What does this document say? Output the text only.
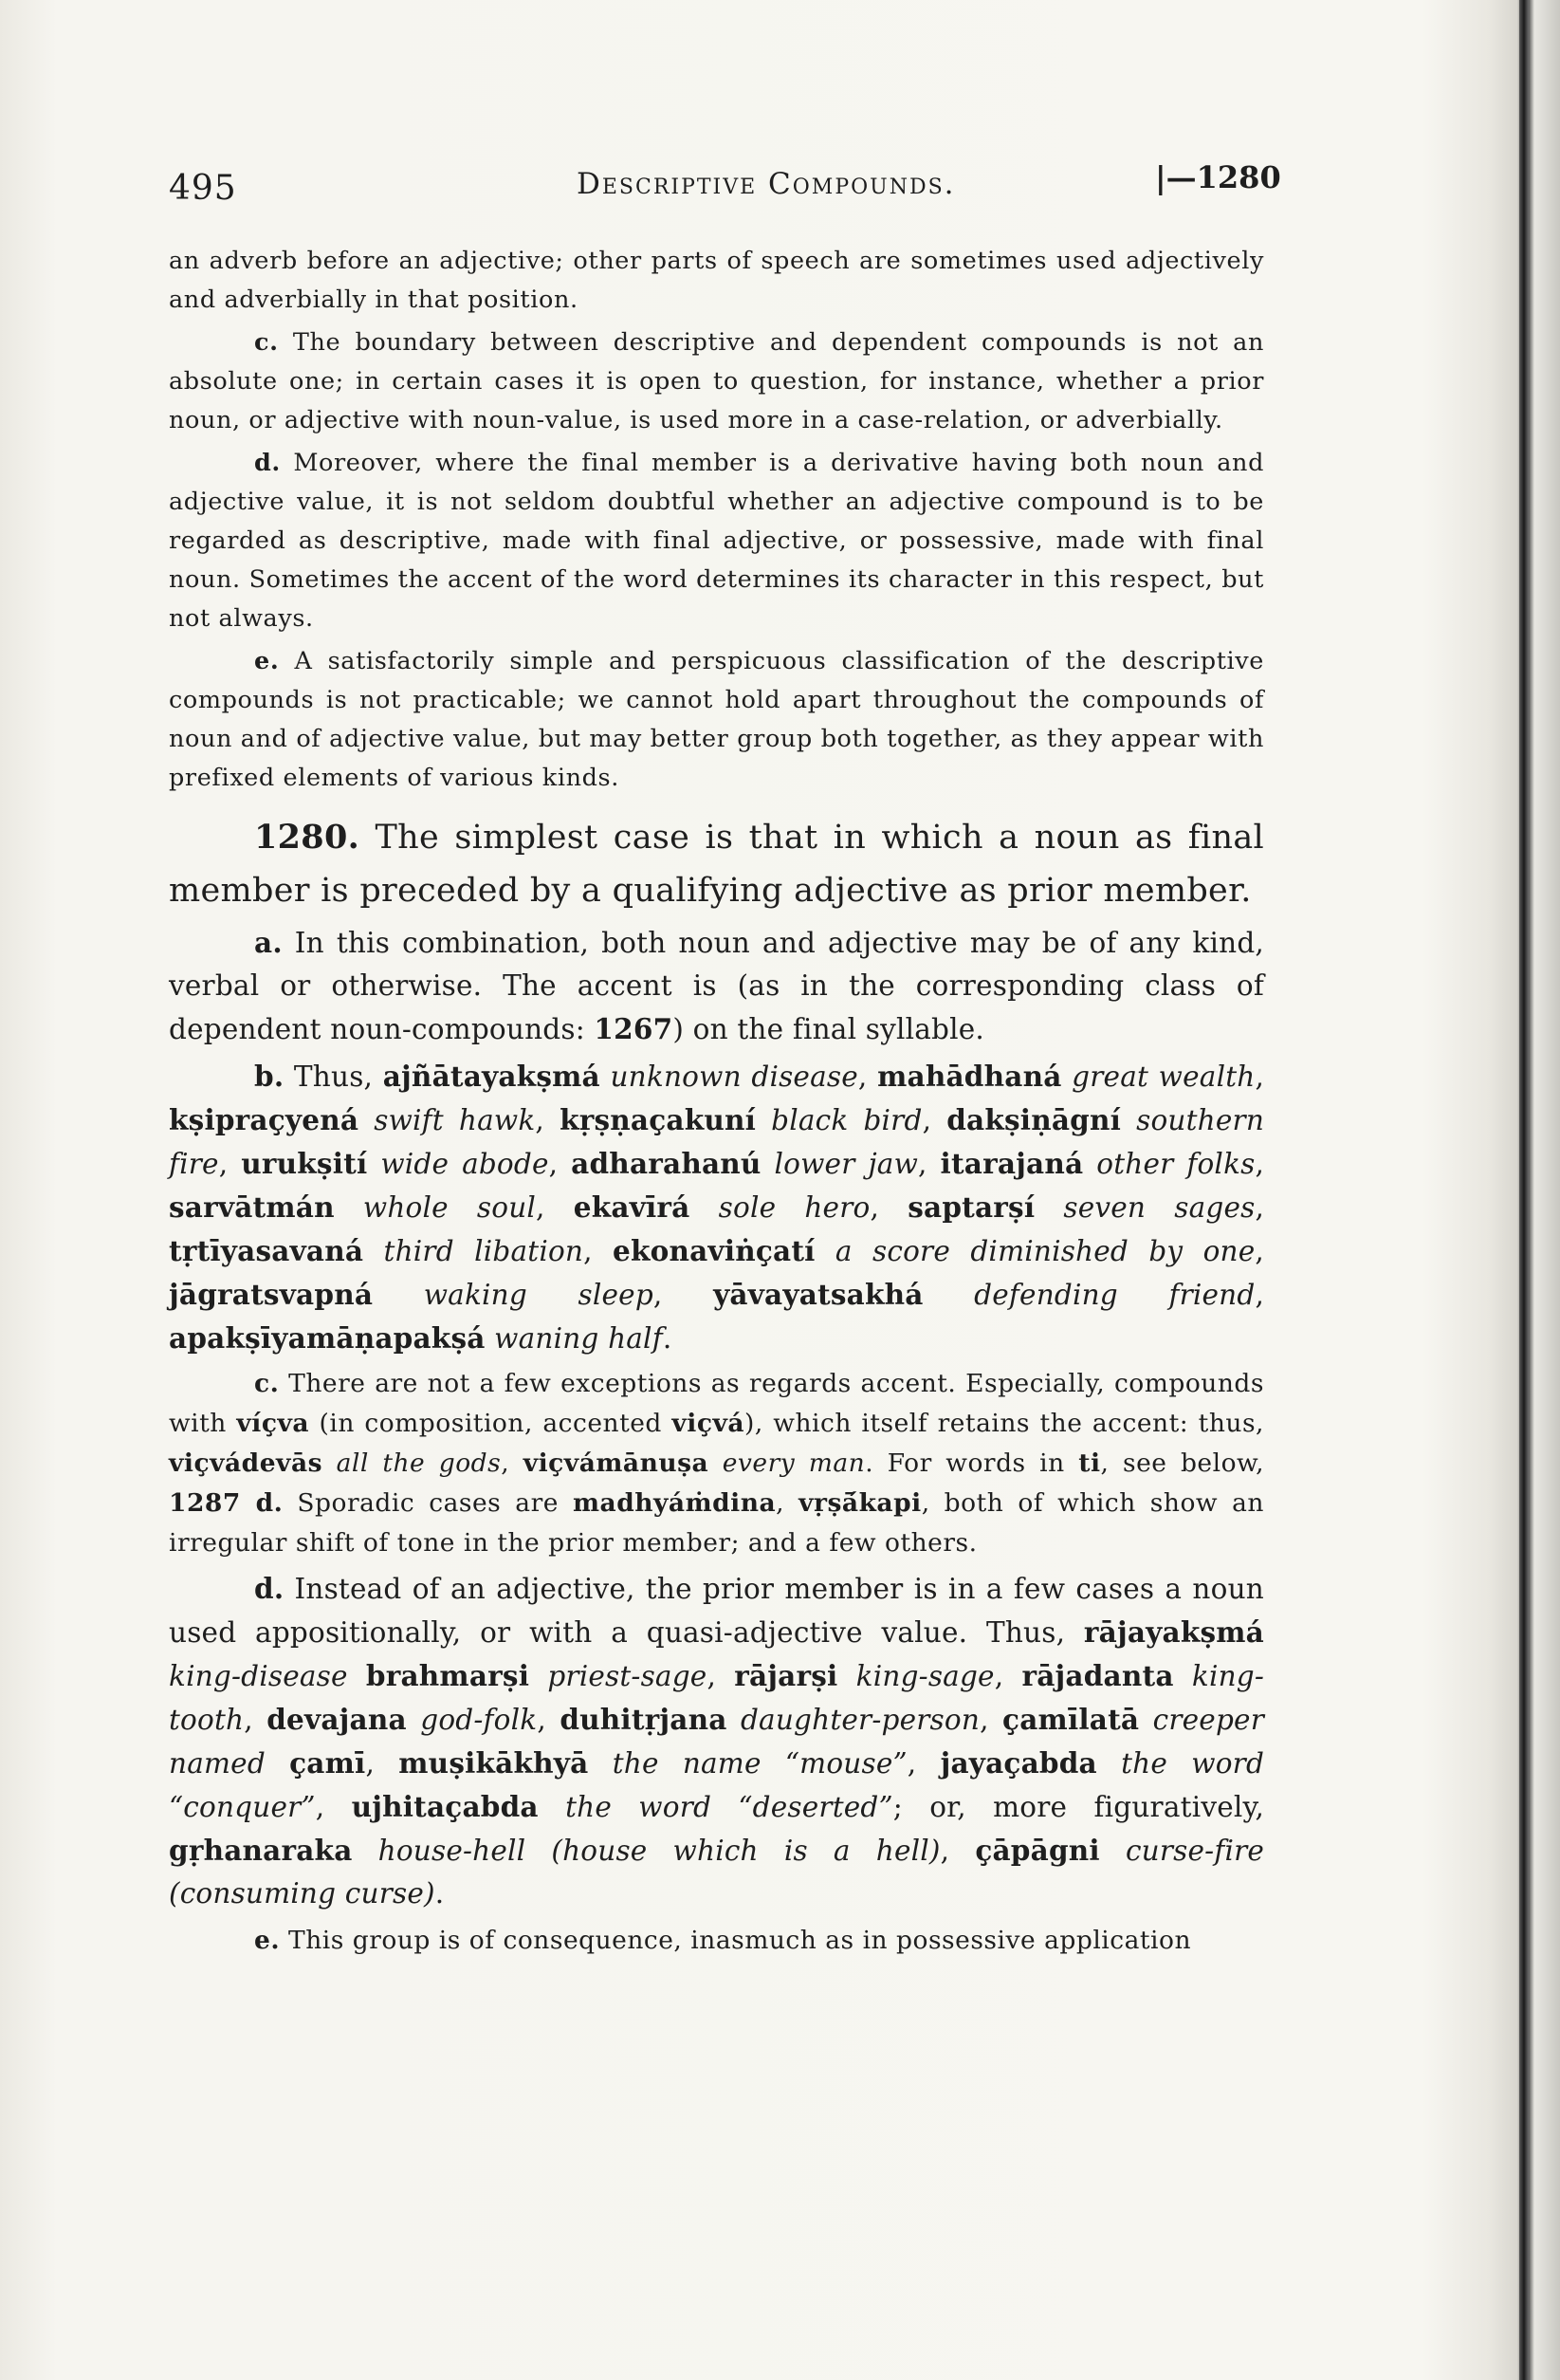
495	Descriptive Compounds.	|—1280

an adverb before an adjective; other parts of speech are sometimes used adjectively and adverbially in that position.

c. The boundary between descriptive and dependent compounds is not an absolute one; in certain cases it is open to question, for instance, whether a prior noun, or adjective with noun-value, is used more in a case-relation, or adverbially.

d. Moreover, where the final member is a derivative having both noun and adjective value, it is not seldom doubtful whether an adjective compound is to be regarded as descriptive, made with final adjective, or possessive, made with final noun. Sometimes the accent of the word determines its character in this respect, but not always.

e. A satisfactorily simple and perspicuous classification of the descriptive compounds is not practicable; we cannot hold apart throughout the compounds of noun and of adjective value, but may better group both together, as they appear with prefixed elements of various kinds.

1280. The simplest case is that in which a noun as final member is preceded by a qualifying adjective as prior member.

a. In this combination, both noun and adjective may be of any kind, verbal or otherwise. The accent is (as in the corresponding class of dependent noun-compounds: 1267) on the final syllable.

b. Thus, ajñātayakṣmá unknown disease, mahādhaná great wealth, kṣipraçyená swift hawk, kṛṣṇaçakuní black bird, dakṣiṇāgní southern fire, urukṣití wide abode, adharahanú lower jaw, itarajaná other folks, sarvātmán whole soul, ekavīrá sole hero, saptarṣí seven sages, tṛtīyasavaná third libation, ekonaviṅçatí a score diminished by one, jāgratsvapná waking sleep, yāvayatsakhá defending friend, apakṣīyamāṇapakṣá waning half.

c. There are not a few exceptions as regards accent. Especially, compounds with víçva (in composition, accented viçvá), which itself retains the accent: thus, viçvádevās all the gods, viçvámānuṣa every man. For words in ti, see below, 1287 d. Sporadic cases are madhyáṁdina, vṛṣā́kapi, both of which show an irregular shift of tone in the prior member; and a few others.

d. Instead of an adjective, the prior member is in a few cases a noun used appositionally, or with a quasi-adjective value. Thus, rājayakṣmá king-disease brahmarṣi priest-sage, rājarṣi king-sage, rājadanta king-tooth, devajana god-folk, duhitṛjana daughter-person, çamīlatā creeper named çamī, muṣikākhyā the name “mouse”, jayaçabda the word “conquer”, ujhitaçabda the word “deserted”; or, more figuratively, gṛhanaraka house-hell (house which is a hell), çāpāgni curse-fire (consuming curse).

e. This group is of consequence, inasmuch as in possessive application
